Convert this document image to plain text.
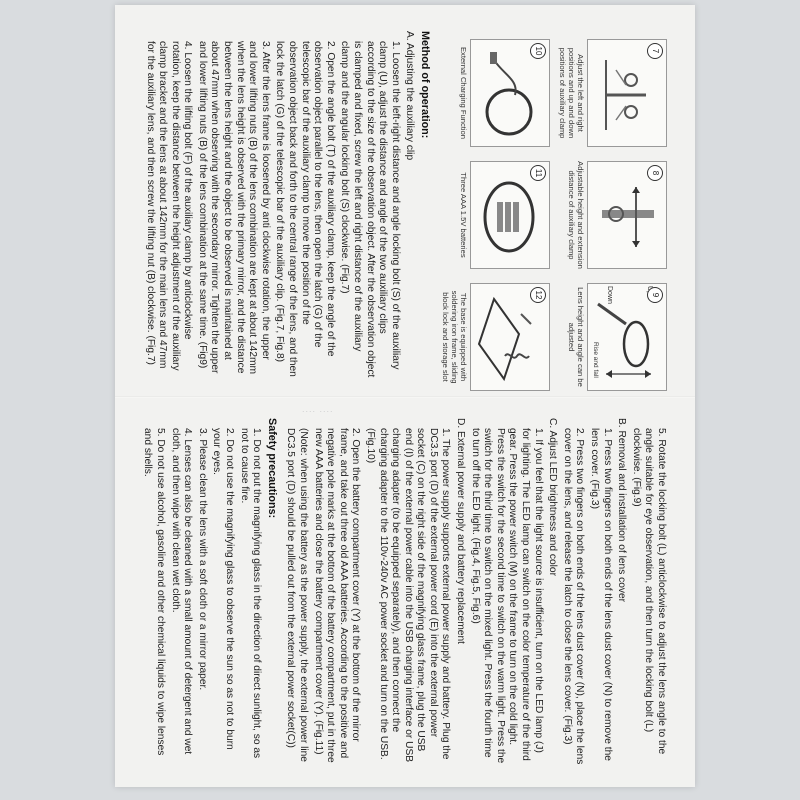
7
Adjust the left and right positions and up and down positions of auxiliary clamp
8
Adjustable height and extension distance of auxiliary clamp
9
Down
Rise and fall
Lens height and angle can be adjusted
10
External Charging Function
11
Three AAA 1.5V batteries
12
The base is equipped with soldering iron frame, sliding block lock and storage slot
Method of operation:

A. Adjusting the auxiliary clip

1. Loosen the left-right distance and angle locking bolt (S) of the auxiliary clamp (U), adjust the distance and angle of the two auxiliary clips according to the size of the observation object. After the observation object is clamped and fixed, screw the left and right distance of the auxiliary clamp and the angular locking bolt (S) clockwise. (Fig.7)

2. Open the angle bolt (T) of the auxiliary clamp, keep the angle of the observation object parallel to the lens, then open the latch (G) of the telescopic bar of the auxiliary clamp to move the position of the observation object back and forth to the central range of the lens, and then lock the latch (G) of the telescopic bar of the auxiliary clip. (Fig.7, Fig.8)

3. After the lens frame is loosened by anti clockwise rotation, the upper and lower lifting nuts (B) of the lens combination are kept at about 142mm when the lens height is observed with the primary mirror, and the distance between the lens height and the object to be observed is maintained at about 47mm when observing with the secondary mirror. Tighten the upper and lower lifting nuts (B) of the lens combination at the same time. (Fig9)

4. Loosen the lifting bolt (F) of the auxiliary clamp by anticlockwise rotation, keep the distance between the height adjustment of the auxiliary clamp bracket and the lens at about 142mm for the main lens and 47mm for the auxiliary lens, and then screw the lifting nut (B) clockwise. (Fig.7)

5. Rotate the locking bolt (L) anticlockwise to adjust the lens angle to the angle suitable for eye observation, and then turn the locking bolt (L) clockwise. (Fig.9)

B. Removal and installation of lens cover

1. Press two fingers on both ends of the lens dust cover (N) to remove the lens cover. (Fig.3)

2. Press two fingers on both ends of the lens dust cover (N), place the lens cover on the lens, and release the latch to close the lens cover. (Fig.3)

C. Adjust LED brightness and color

1. If you feel that the light source is insufficient, turn on the LED lamp (J) for lighting. The LED lamp can switch on the color temperature of the third gear. Press the power switch (M) on the frame to turn on the cold light. Press the switch for the second time to switch on the warm light. Press the switch for the third time to switch on the mixed light. Press the fourth time to turn off the LED light. (Fig.4, Fig.5, Fig.6)

D. External power supply and battery replacement

1. The power supply supports external power supply and battery. Plug the DC3.5 port (D) of the external power cord (E) into the external power socket (C) on the right side of the magnifying glass frame, plug the USB end (I) of the external power cable into the USB charging interface or USB charging adapter (to be equipped separately), and then connect the charging adapter to the 110v-240v AC power socket and turn on the USB. (Fig.10)

2. Open the battery compartment cover (Y) at the bottom of the mirror frame, and take out three old AAA batteries. According to the positive and negative pole marks at the bottom of the battery compartment, put in three new AAA batteries and close the battery compartment cover (Y). (Fig.11)

(Note: when using the battery as the power supply, the external power line DC3.5 port (D) should be pulled out from the external power socket(C))

Safety precautions:

1. Do not put the magnifying glass in the direction of direct sunlight, so as not to cause fire.

2. Do not use the magnifying glass to observe the sun so as not to burn your eyes.

3. Please clean the lens with a soft cloth or a mirror paper.

4. Lenses can also be cleaned with a small amount of detergent and wet cloth, and then wipe with clean wet cloth.

5. Do not use alcohol, gasoline and other chemical liquids to wipe lenses and shells.

.... ....
